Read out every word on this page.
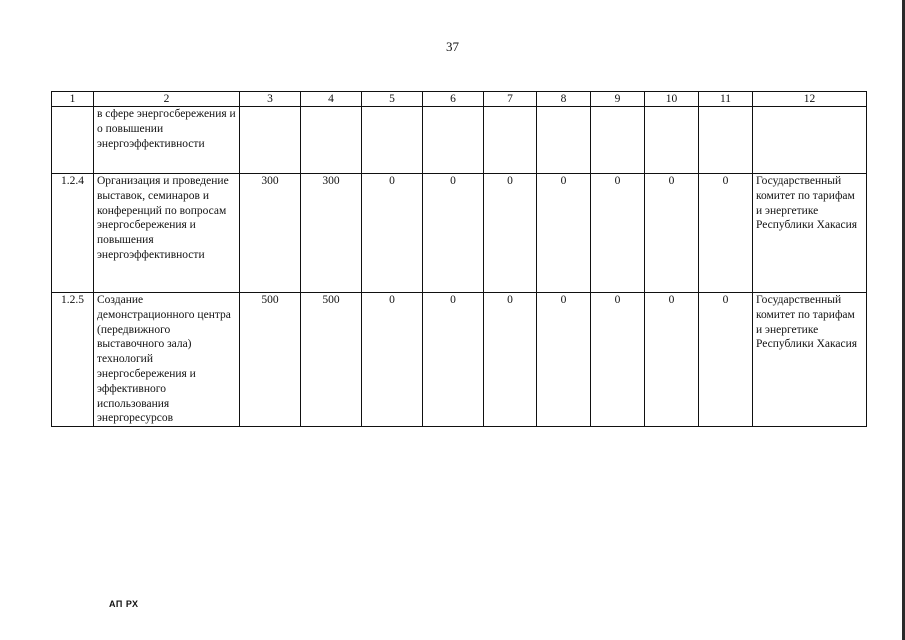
37
1	2	3	4	5	6	7	8	9	10	11	12
	в сфере энергосбережения и о повышении энергоэффективности										
1.2.4	Организация и проведение выставок, семинаров и конференций по вопросам энергосбережения и повышения энергоэффективности	300	300	0	0	0	0	0	0	0	Государственный комитет по тарифам и энергетике Республики Хакасия
1.2.5	Создание демонстрационного центра (передвижного выставочного зала) технологий энергосбережения и эффективного использования энергоресурсов	500	500	0	0	0	0	0	0	0	Государственный комитет по тарифам и энергетике Республики Хакасия
АП РХ
